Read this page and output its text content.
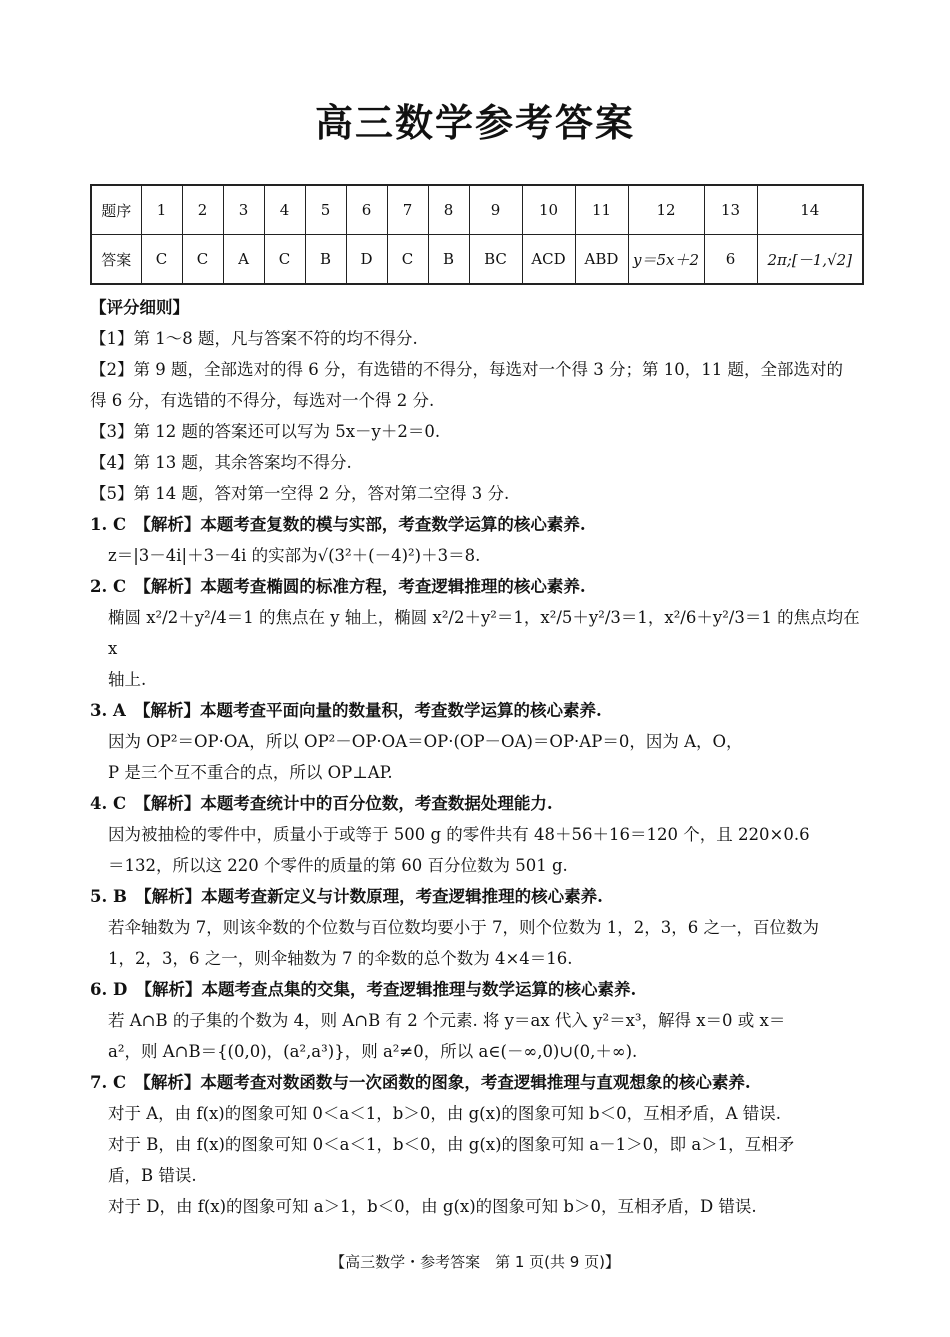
高三数学参考答案
题序	1	2	3	4	5	6	7	8	9	10	11	12	13	14
答案	C	C	A	C	B	D	C	B	BC	ACD	ABD	y＝5x＋2	6	2π;[－1,√2]

【评分细则】

【1】第 1～8 题，凡与答案不符的均不得分.

【2】第 9 题，全部选对的得 6 分，有选错的不得分，每选对一个得 3 分；第 10，11 题，全部选对的

得 6 分，有选错的不得分，每选对一个得 2 分.

【3】第 12 题的答案还可以写为 5x－y＋2＝0.

【4】第 13 题，其余答案均不得分.

【5】第 14 题，答对第一空得 2 分，答对第二空得 3 分.

1. C　【解析】本题考查复数的模与实部，考查数学运算的核心素养.

z＝|3－4i|＋3－4i 的实部为√(3²＋(－4)²)＋3＝8.

2. C　【解析】本题考查椭圆的标准方程，考查逻辑推理的核心素养.

椭圆 x²/2＋y²/4＝1 的焦点在 y 轴上，椭圆 x²/2＋y²＝1，x²/5＋y²/3＝1，x²/6＋y²/3＝1 的焦点均在 x

轴上.

3. A　【解析】本题考查平面向量的数量积，考查数学运算的核心素养.

因为 OP²＝OP·OA，所以 OP²－OP·OA＝OP·(OP－OA)＝OP·AP＝0，因为 A，O，

P 是三个互不重合的点，所以 OP⊥AP.

4. C　【解析】本题考查统计中的百分位数，考查数据处理能力.

因为被抽检的零件中，质量小于或等于 500 g 的零件共有 48＋56＋16＝120 个，且 220×0.6

＝132，所以这 220 个零件的质量的第 60 百分位数为 501 g.

5. B　【解析】本题考查新定义与计数原理，考查逻辑推理的核心素养.

若伞轴数为 7，则该伞数的个位数与百位数均要小于 7，则个位数为 1，2，3，6 之一，百位数为

1，2，3，6 之一，则伞轴数为 7 的伞数的总个数为 4×4＝16.

6. D　【解析】本题考查点集的交集，考查逻辑推理与数学运算的核心素养.

若 A∩B 的子集的个数为 4，则 A∩B 有 2 个元素. 将 y＝ax 代入 y²＝x³，解得 x＝0 或 x＝

a²，则 A∩B＝{(0,0)，(a²,a³)}，则 a²≠0，所以 a∈(－∞,0)∪(0,＋∞).

7. C　【解析】本题考查对数函数与一次函数的图象，考查逻辑推理与直观想象的核心素养.

对于 A，由 f(x)的图象可知 0＜a＜1，b＞0，由 g(x)的图象可知 b＜0，互相矛盾，A 错误.

对于 B，由 f(x)的图象可知 0＜a＜1，b＜0，由 g(x)的图象可知 a－1＞0，即 a＞1，互相矛

盾，B 错误.

对于 D，由 f(x)的图象可知 a＞1，b＜0，由 g(x)的图象可知 b＞0，互相矛盾，D 错误.

【高三数学・参考答案　第 1 页(共 9 页)】
